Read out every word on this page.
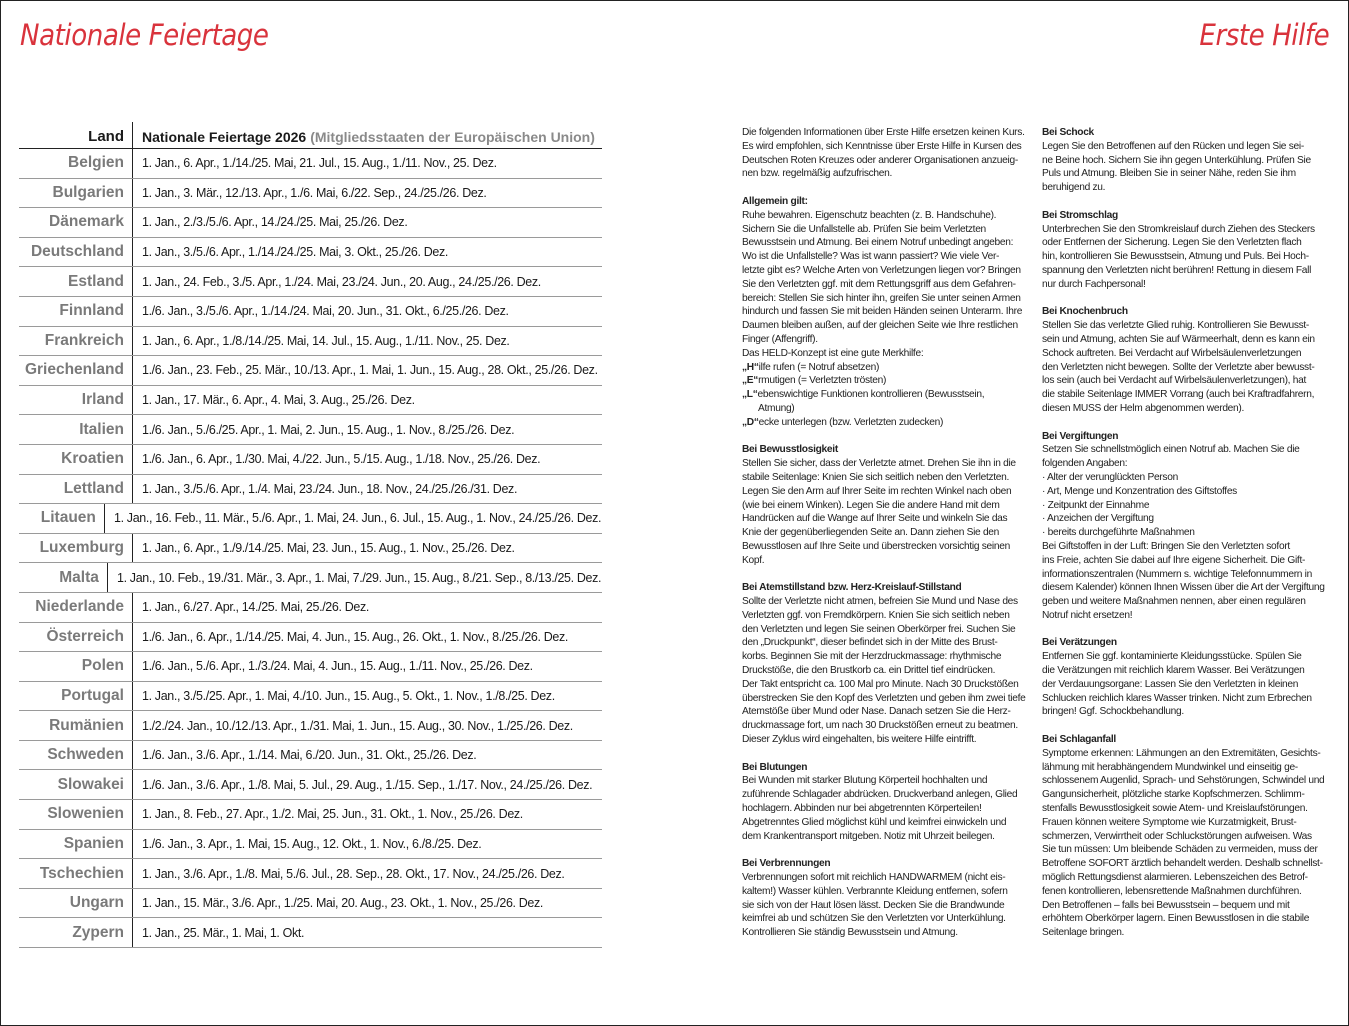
Nationale Feiertage	Erste Hilfe
Land	Nationale Feiertage 2026 (Mitgliedsstaaten der Europäischen Union)
Belgien	1. Jan., 6. Apr., 1./14./25. Mai, 21. Jul., 15. Aug., 1./11. Nov., 25. Dez.
Bulgarien	1. Jan., 3. Mär., 12./13. Apr., 1./6. Mai, 6./22. Sep., 24./25./26. Dez.
Dänemark	1. Jan., 2./3./5./6. Apr., 14./24./25. Mai, 25./26. Dez.
Deutschland	1. Jan., 3./5./6. Apr., 1./14./24./25. Mai, 3. Okt., 25./26. Dez.
Estland	1. Jan., 24. Feb., 3./5. Apr., 1./24. Mai, 23./24. Jun., 20. Aug., 24./25./26. Dez.
Finnland	1./6. Jan., 3./5./6. Apr., 1./14./24. Mai, 20. Jun., 31. Okt., 6./25./26. Dez.
Frankreich	1. Jan., 6. Apr., 1./8./14./25. Mai, 14. Jul., 15. Aug., 1./11. Nov., 25. Dez.
Griechenland	1./6. Jan., 23. Feb., 25. Mär., 10./13. Apr., 1. Mai, 1. Jun., 15. Aug., 28. Okt., 25./26. Dez.
Irland	1. Jan., 17. Mär., 6. Apr., 4. Mai, 3. Aug., 25./26. Dez.
Italien	1./6. Jan., 5./6./25. Apr., 1. Mai, 2. Jun., 15. Aug., 1. Nov., 8./25./26. Dez.
Kroatien	1./6. Jan., 6. Apr., 1./30. Mai, 4./22. Jun., 5./15. Aug., 1./18. Nov., 25./26. Dez.
Lettland	1. Jan., 3./5./6. Apr., 1./4. Mai, 23./24. Jun., 18. Nov., 24./25./26./31. Dez.
Litauen	1. Jan., 16. Feb., 11. Mär., 5./6. Apr., 1. Mai, 24. Jun., 6. Jul., 15. Aug., 1. Nov., 24./25./26. Dez.
Luxemburg	1. Jan., 6. Apr., 1./9./14./25. Mai, 23. Jun., 15. Aug., 1. Nov., 25./26. Dez.
Malta	1. Jan., 10. Feb., 19./31. Mär., 3. Apr., 1. Mai, 7./29. Jun., 15. Aug., 8./21. Sep., 8./13./25. Dez.
Niederlande	1. Jan., 6./27. Apr., 14./25. Mai, 25./26. Dez.
Österreich	1./6. Jan., 6. Apr., 1./14./25. Mai, 4. Jun., 15. Aug., 26. Okt., 1. Nov., 8./25./26. Dez.
Polen	1./6. Jan., 5./6. Apr., 1./3./24. Mai, 4. Jun., 15. Aug., 1./11. Nov., 25./26. Dez.
Portugal	1. Jan., 3./5./25. Apr., 1. Mai, 4./10. Jun., 15. Aug., 5. Okt., 1. Nov., 1./8./25. Dez.
Rumänien	1./2./24. Jan., 10./12./13. Apr., 1./31. Mai, 1. Jun., 15. Aug., 30. Nov., 1./25./26. Dez.
Schweden	1./6. Jan., 3./6. Apr., 1./14. Mai, 6./20. Jun., 31. Okt., 25./26. Dez.
Slowakei	1./6. Jan., 3./6. Apr., 1./8. Mai, 5. Jul., 29. Aug., 1./15. Sep., 1./17. Nov., 24./25./26. Dez.
Slowenien	1. Jan., 8. Feb., 27. Apr., 1./2. Mai, 25. Jun., 31. Okt., 1. Nov., 25./26. Dez.
Spanien	1./6. Jan., 3. Apr., 1. Mai, 15. Aug., 12. Okt., 1. Nov., 6./8./25. Dez.
Tschechien	1. Jan., 3./6. Apr., 1./8. Mai, 5./6. Jul., 28. Sep., 28. Okt., 17. Nov., 24./25./26. Dez.
Ungarn	1. Jan., 15. Mär., 3./6. Apr., 1./25. Mai, 20. Aug., 23. Okt., 1. Nov., 25./26. Dez.
Zypern	1. Jan., 25. Mär., 1. Mai, 1. Okt.

Die folgenden Informationen über Erste Hilfe ersetzen keinen Kurs.
Es wird empfohlen, sich Kenntnisse über Erste Hilfe in Kursen des
Deutschen Roten Kreuzes oder anderer Organisationen anzueig-
nen bzw. regelmäßig aufzufrischen.

Allgemein gilt:
Ruhe bewahren. Eigenschutz beachten (z. B. Handschuhe).
Sichern Sie die Unfallstelle ab. Prüfen Sie beim Verletzten
Bewusstsein und Atmung. Bei einem Notruf unbedingt angeben:
Wo ist die Unfallstelle? Was ist wann passiert? Wie viele Ver-
letzte gibt es? Welche Arten von Verletzungen liegen vor? Bringen
Sie den Verletzten ggf. mit dem Rettungsgriff aus dem Gefahren-
bereich: Stellen Sie sich hinter ihn, greifen Sie unter seinen Armen
hindurch und fassen Sie mit beiden Händen seinen Unterarm. Ihre
Daumen bleiben außen, auf der gleichen Seite wie Ihre restlichen
Finger (Affengriff).
Das HELD-Konzept ist eine gute Merkhilfe:
„H“ilfe rufen (= Notruf absetzen)
„E“rmutigen (= Verletzten trösten)
„L“ebenswichtige Funktionen kontrollieren (Bewusstsein,
Atmung)
„D“ecke unterlegen (bzw. Verletzten zudecken)
Bei Bewusstlosigkeit
Stellen Sie sicher, dass der Verletzte atmet. Drehen Sie ihn in die
stabile Seitenlage: Knien Sie sich seitlich neben den Verletzten.
Legen Sie den Arm auf Ihrer Seite im rechten Winkel nach oben
(wie bei einem Winken). Legen Sie die andere Hand mit dem
Handrücken auf die Wange auf Ihrer Seite und winkeln Sie das
Knie der gegenüberliegenden Seite an. Dann ziehen Sie den
Bewusstlosen auf Ihre Seite und überstrecken vorsichtig seinen
Kopf.
Bei Atemstillstand bzw. Herz-Kreislauf-Stillstand
Sollte der Verletzte nicht atmen, befreien Sie Mund und Nase des
Verletzten ggf. von Fremdkörpern. Knien Sie sich seitlich neben
den Verletzten und legen Sie seinen Oberkörper frei. Suchen Sie
den „Druckpunkt“, dieser befindet sich in der Mitte des Brust-
korbs. Beginnen Sie mit der Herzdruckmassage: rhythmische
Druckstöße, die den Brustkorb ca. ein Drittel tief eindrücken.
Der Takt entspricht ca. 100 Mal pro Minute. Nach 30 Druckstößen
überstrecken Sie den Kopf des Verletzten und geben ihm zwei tiefe
Atemstöße über Mund oder Nase. Danach setzen Sie die Herz-
druckmassage fort, um nach 30 Druckstößen erneut zu beatmen.
Dieser Zyklus wird eingehalten, bis weitere Hilfe eintrifft.
Bei Blutungen
Bei Wunden mit starker Blutung Körperteil hochhalten und
zuführende Schlagader abdrücken. Druckverband anlegen, Glied
hochlagern. Abbinden nur bei abgetrennten Körperteilen!
Abgetrenntes Glied möglichst kühl und keimfrei einwickeln und
dem Krankentransport mitgeben. Notiz mit Uhrzeit beilegen.
Bei Verbrennungen
Verbrennungen sofort mit reichlich HANDWARMEM (nicht eis-
kaltem!) Wasser kühlen. Verbrannte Kleidung entfernen, sofern
sie sich von der Haut lösen lässt. Decken Sie die Brandwunde
keimfrei ab und schützen Sie den Verletzten vor Unterkühlung.
Kontrollieren Sie ständig Bewusstsein und Atmung.
Bei Schock
Legen Sie den Betroffenen auf den Rücken und legen Sie sei-
ne Beine hoch. Sichern Sie ihn gegen Unterkühlung. Prüfen Sie
Puls und Atmung. Bleiben Sie in seiner Nähe, reden Sie ihm
beruhigend zu.
Bei Stromschlag
Unterbrechen Sie den Stromkreislauf durch Ziehen des Steckers
oder Entfernen der Sicherung. Legen Sie den Verletzten flach
hin, kontrollieren Sie Bewusstsein, Atmung und Puls. Bei Hoch-
spannung den Verletzten nicht berühren! Rettung in diesem Fall
nur durch Fachpersonal!
Bei Knochenbruch
Stellen Sie das verletzte Glied ruhig. Kontrollieren Sie Bewusst-
sein und Atmung, achten Sie auf Wärmeerhalt, denn es kann ein
Schock auftreten. Bei Verdacht auf Wirbelsäulenverletzungen
den Verletzten nicht bewegen. Sollte der Verletzte aber bewusst-
los sein (auch bei Verdacht auf Wirbelsäulenverletzungen), hat
die stabile Seitenlage IMMER Vorrang (auch bei Kraftradfahrern,
diesen MUSS der Helm abgenommen werden).
Bei Vergiftungen
Setzen Sie schnellstmöglich einen Notruf ab. Machen Sie die
folgenden Angaben:
· Alter der verunglückten Person
· Art, Menge und Konzentration des Giftstoffes
· Zeitpunkt der Einnahme
· Anzeichen der Vergiftung
· bereits durchgeführte Maßnahmen
Bei Giftstoffen in der Luft: Bringen Sie den Verletzten sofort
ins Freie, achten Sie dabei auf Ihre eigene Sicherheit. Die Gift-
informationszentralen (Nummern s. wichtige Telefonnummern in
diesem Kalender) können Ihnen Wissen über die Art der Vergiftung
geben und weitere Maßnahmen nennen, aber einen regulären
Notruf nicht ersetzen!
Bei Verätzungen
Entfernen Sie ggf. kontaminierte Kleidungsstücke. Spülen Sie
die Verätzungen mit reichlich klarem Wasser. Bei Verätzungen
der Verdauungsorgane: Lassen Sie den Verletzten in kleinen
Schlucken reichlich klares Wasser trinken. Nicht zum Erbrechen
bringen! Ggf. Schockbehandlung.
Bei Schlaganfall
Symptome erkennen: Lähmungen an den Extremitäten, Gesichts-
lähmung mit herabhängendem Mundwinkel und einseitig ge-
schlossenem Augenlid, Sprach- und Sehstörungen, Schwindel und
Gangunsicherheit, plötzliche starke Kopfschmerzen. Schlimm-
stenfalls Bewusstlosigkeit sowie Atem- und Kreislaufstörungen.
Frauen können weitere Symptome wie Kurzatmigkeit, Brust-
schmerzen, Verwirrtheit oder Schluckstörungen aufweisen. Was
Sie tun müssen: Um bleibende Schäden zu vermeiden, muss der
Betroffene SOFORT ärztlich behandelt werden. Deshalb schnellst-
möglich Rettungsdienst alarmieren. Lebenszeichen des Betrof-
fenen kontrollieren, lebensrettende Maßnahmen durchführen.
Den Betroffenen – falls bei Bewusstsein – bequem und mit
erhöhtem Oberkörper lagern. Einen Bewusstlosen in die stabile
Seitenlage bringen.
